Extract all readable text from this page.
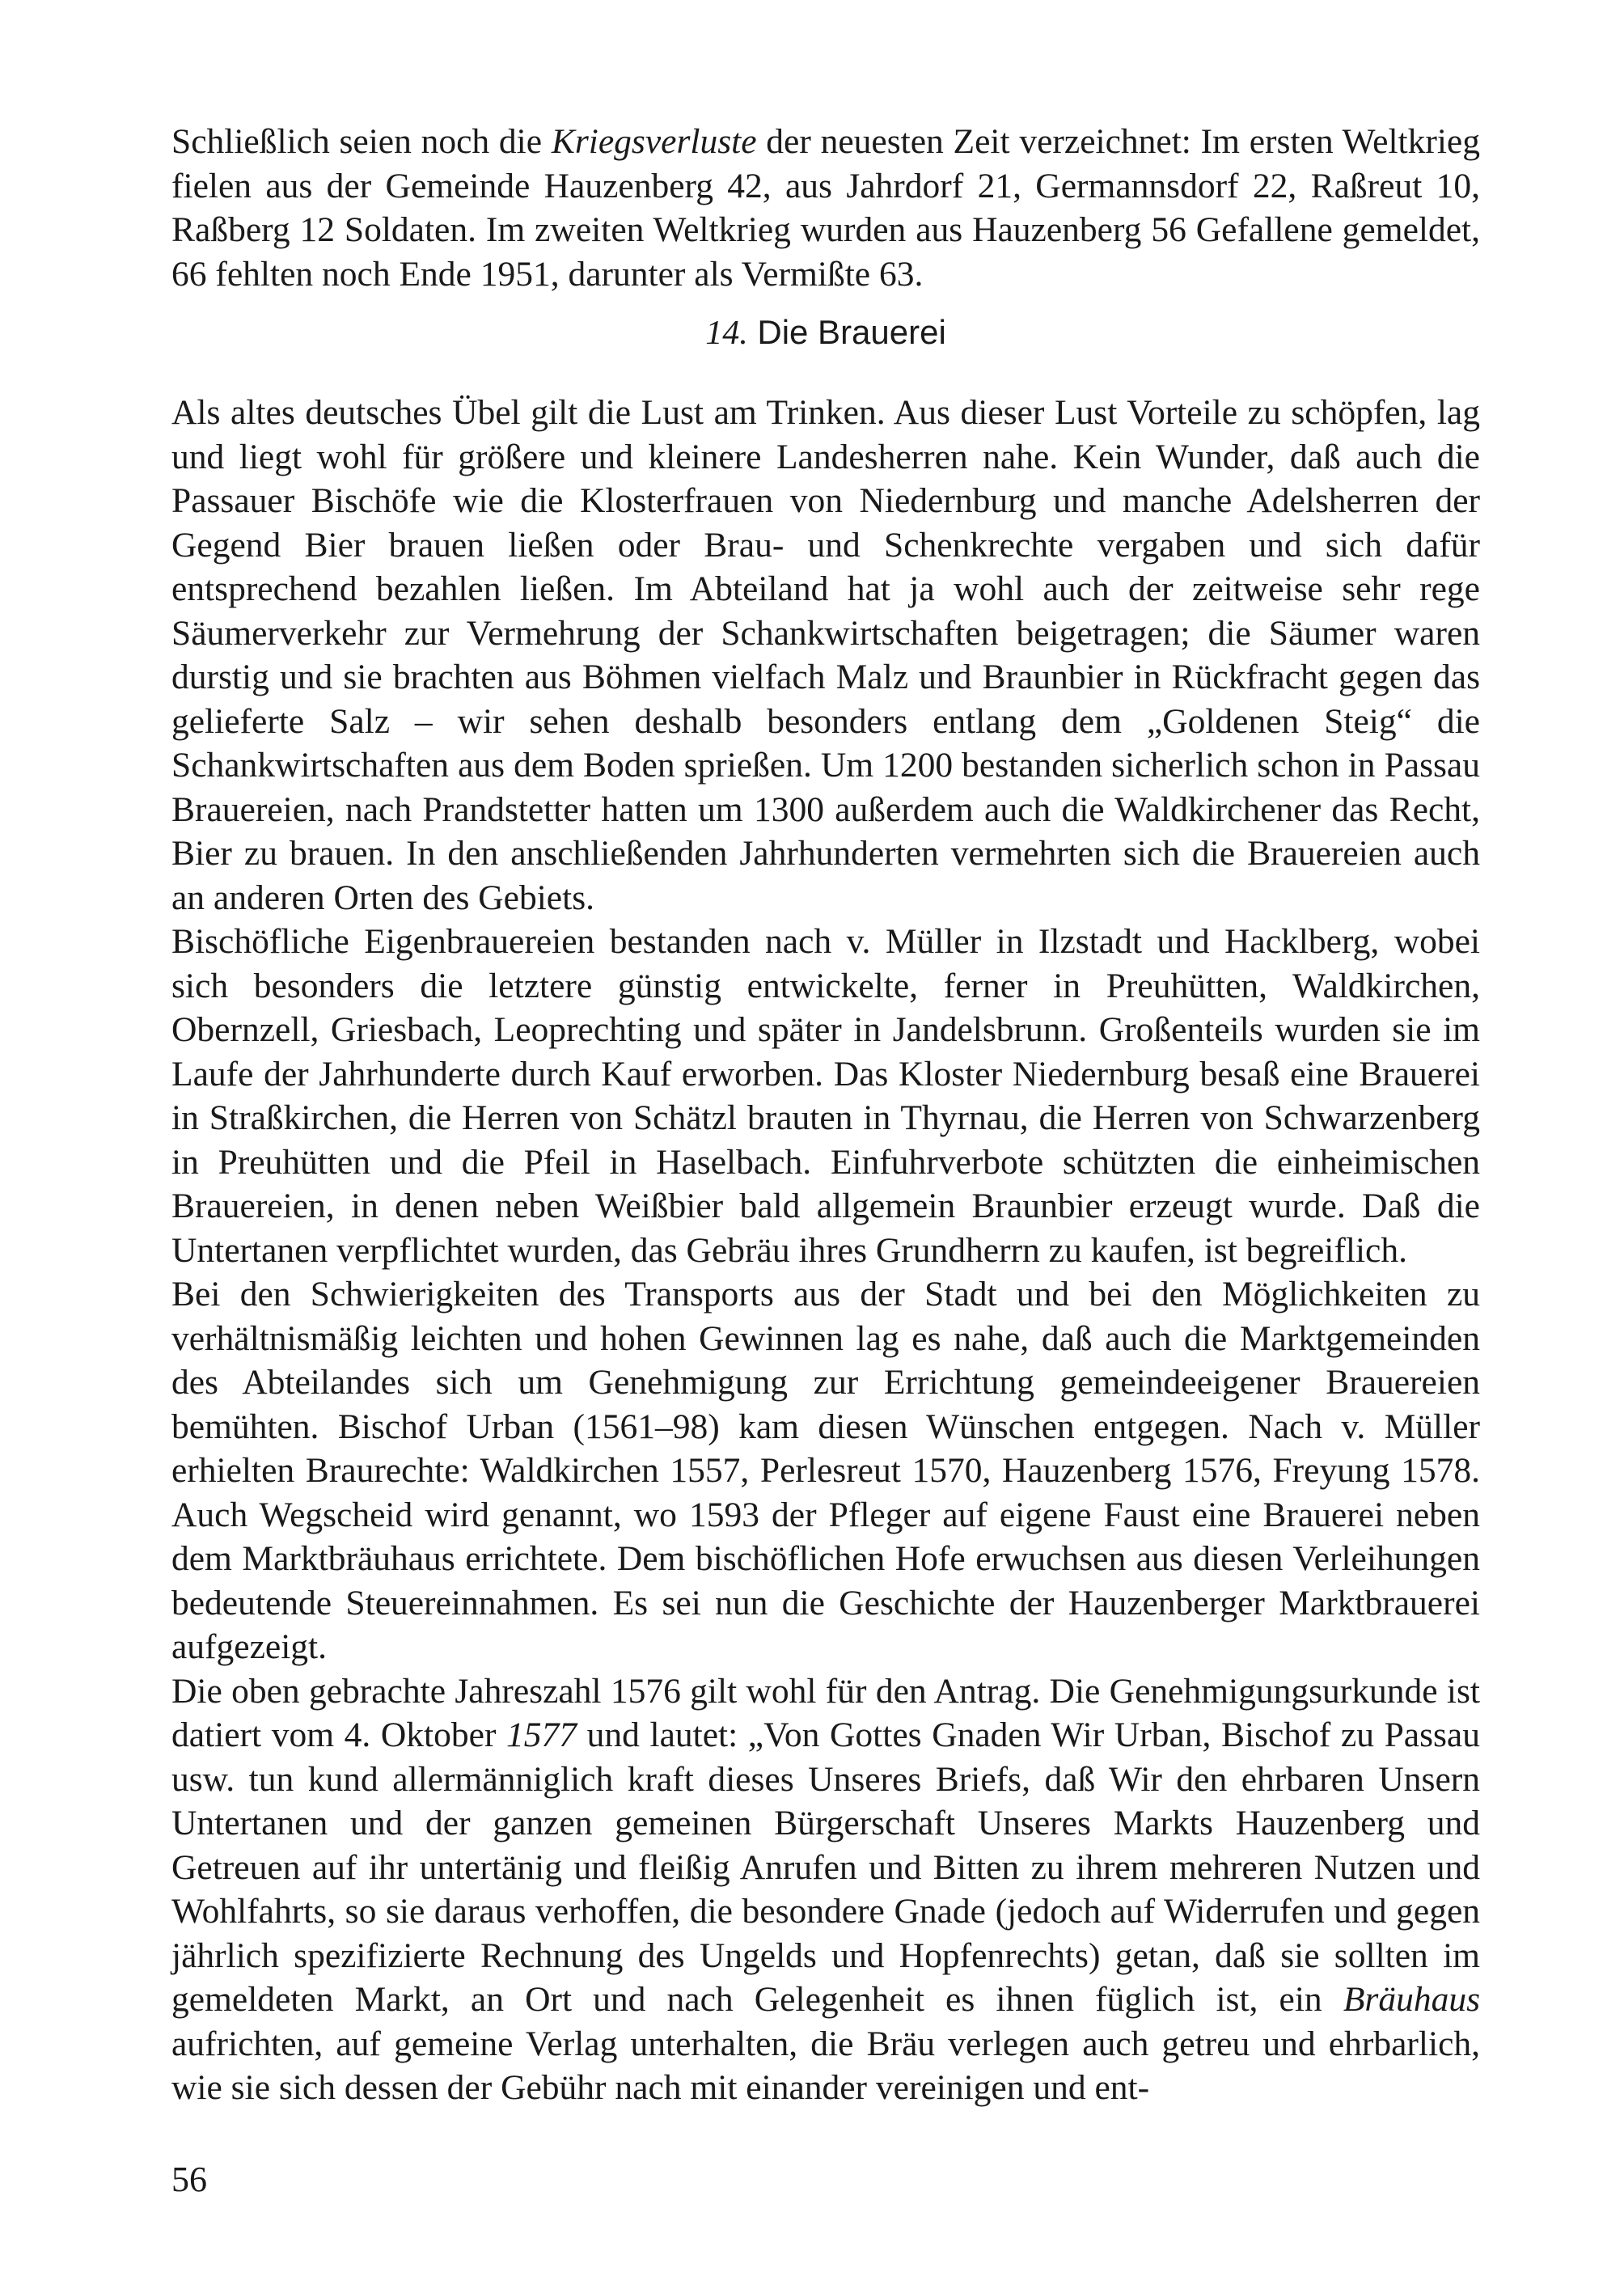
Schließlich seien noch die Kriegsverluste der neuesten Zeit verzeichnet: Im ersten Weltkrieg fielen aus der Gemeinde Hauzenberg 42, aus Jahrdorf 21, Germannsdorf 22, Raßreut 10, Raßberg 12 Soldaten. Im zweiten Weltkrieg wurden aus Hauzenberg 56 Gefallene gemeldet, 66 fehlten noch Ende 1951, darunter als Vermißte 63.

14. Die Brauerei

Als altes deutsches Übel gilt die Lust am Trinken. Aus dieser Lust Vorteile zu schöpfen, lag und liegt wohl für größere und kleinere Landesherren nahe. Kein Wunder, daß auch die Passauer Bischöfe wie die Klosterfrauen von Niedernburg und manche Adelsherren der Gegend Bier brauen ließen oder Brau- und Schenkrechte vergaben und sich dafür entsprechend bezahlen ließen. Im Abteiland hat ja wohl auch der zeitweise sehr rege Säumerverkehr zur Vermehrung der Schankwirtschaften beigetragen; die Säumer waren durstig und sie brachten aus Böhmen vielfach Malz und Braunbier in Rückfracht gegen das gelieferte Salz – wir sehen deshalb besonders entlang dem „Goldenen Steig“ die Schankwirtschaften aus dem Boden sprießen. Um 1200 bestanden sicherlich schon in Passau Brauereien, nach Prandstetter hatten um 1300 außerdem auch die Waldkirchener das Recht, Bier zu brauen. In den anschließenden Jahrhunderten vermehrten sich die Brauereien auch an anderen Orten des Gebiets.

Bischöfliche Eigenbrauereien bestanden nach v. Müller in Ilzstadt und Hacklberg, wobei sich besonders die letztere günstig entwickelte, ferner in Preuhütten, Waldkirchen, Obernzell, Griesbach, Leoprechting und später in Jandelsbrunn. Großenteils wurden sie im Laufe der Jahrhunderte durch Kauf erworben. Das Kloster Niedernburg besaß eine Brauerei in Straßkirchen, die Herren von Schätzl brauten in Thyrnau, die Herren von Schwarzenberg in Preuhütten und die Pfeil in Haselbach. Einfuhrverbote schützten die einheimischen Brauereien, in denen neben Weißbier bald allgemein Braunbier erzeugt wurde. Daß die Untertanen verpflichtet wurden, das Gebräu ihres Grundherrn zu kaufen, ist begreiflich.

Bei den Schwierigkeiten des Transports aus der Stadt und bei den Möglichkeiten zu verhältnismäßig leichten und hohen Gewinnen lag es nahe, daß auch die Marktgemeinden des Abteilandes sich um Genehmigung zur Errichtung gemeindeeigener Brauereien bemühten. Bischof Urban (1561–98) kam diesen Wünschen entgegen. Nach v. Müller erhielten Braurechte: Waldkirchen 1557, Perlesreut 1570, Hauzenberg 1576, Freyung 1578. Auch Wegscheid wird genannt, wo 1593 der Pfleger auf eigene Faust eine Brauerei neben dem Marktbräuhaus errichtete. Dem bischöflichen Hofe erwuchsen aus diesen Verleihungen bedeutende Steuereinnahmen. Es sei nun die Geschichte der Hauzenberger Marktbrauerei aufgezeigt.

Die oben gebrachte Jahreszahl 1576 gilt wohl für den Antrag. Die Genehmigungsurkunde ist datiert vom 4. Oktober 1577 und lautet: „Von Gottes Gnaden Wir Urban, Bischof zu Passau usw. tun kund allermänniglich kraft dieses Unseres Briefs, daß Wir den ehrbaren Unsern Untertanen und der ganzen gemeinen Bürgerschaft Unseres Markts Hauzenberg und Getreuen auf ihr untertänig und fleißig Anrufen und Bitten zu ihrem mehreren Nutzen und Wohlfahrts, so sie daraus verhoffen, die besondere Gnade (jedoch auf Widerrufen und gegen jährlich spezifizierte Rechnung des Ungelds und Hopfenrechts) getan, daß sie sollten im gemeldeten Markt, an Ort und nach Gelegenheit es ihnen füglich ist, ein Bräuhaus aufrichten, auf gemeine Verlag unterhalten, die Bräu verlegen auch getreu und ehrbarlich, wie sie sich dessen der Gebühr nach mit einander vereinigen und ent-

56
